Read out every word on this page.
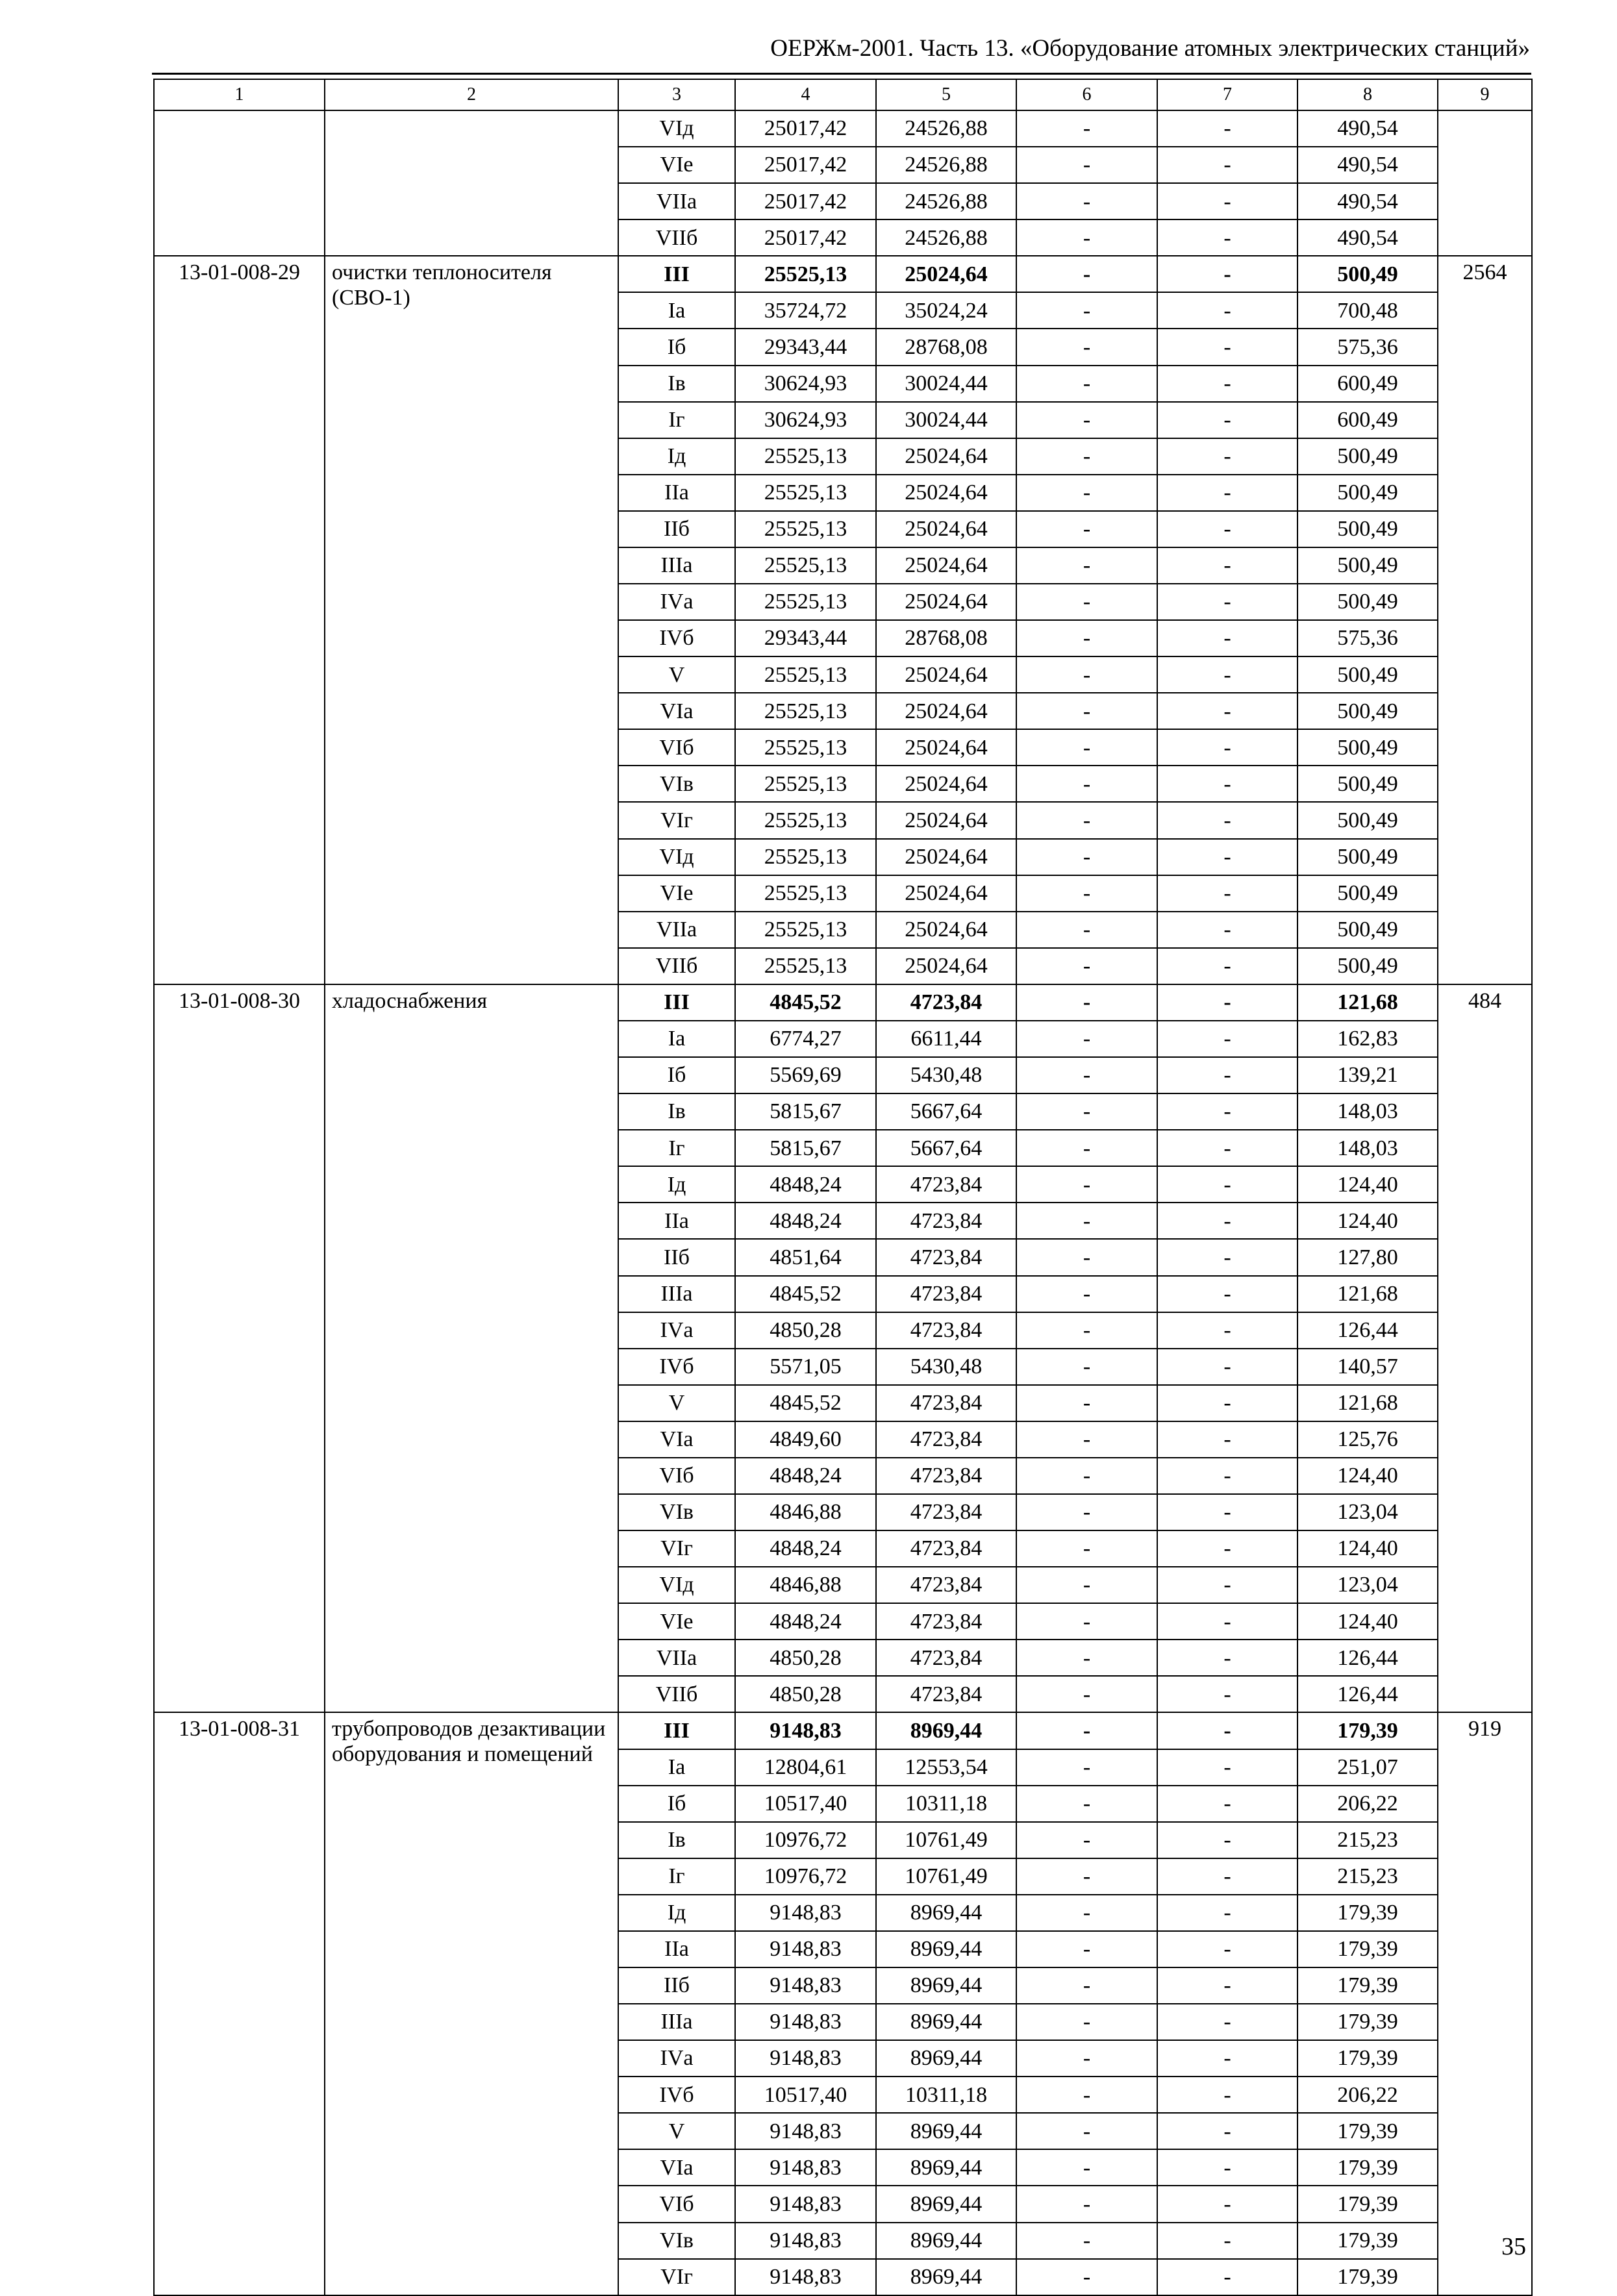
ОЕРЖм-2001. Часть 13. «Оборудование атомных электрических станций»
1	2	3	4	5	6	7	8	9
		VIд	25017,42	24526,88	-	-	490,54	
		VIе	25017,42	24526,88	-	-	490,54	
		VIIа	25017,42	24526,88	-	-	490,54	
		VIIб	25017,42	24526,88	-	-	490,54	
13-01-008-29	очистки теплоносителя (СВО-1)	III	25525,13	25024,64	-	-	500,49	2564
		Iа	35724,72	35024,24	-	-	700,48	
		Iб	29343,44	28768,08	-	-	575,36	
		Iв	30624,93	30024,44	-	-	600,49	
		Iг	30624,93	30024,44	-	-	600,49	
		Iд	25525,13	25024,64	-	-	500,49	
		IIа	25525,13	25024,64	-	-	500,49	
		IIб	25525,13	25024,64	-	-	500,49	
		IIIа	25525,13	25024,64	-	-	500,49	
		IVа	25525,13	25024,64	-	-	500,49	
		IVб	29343,44	28768,08	-	-	575,36	
		V	25525,13	25024,64	-	-	500,49	
		VIа	25525,13	25024,64	-	-	500,49	
		VIб	25525,13	25024,64	-	-	500,49	
		VIв	25525,13	25024,64	-	-	500,49	
		VIг	25525,13	25024,64	-	-	500,49	
		VIд	25525,13	25024,64	-	-	500,49	
		VIе	25525,13	25024,64	-	-	500,49	
		VIIа	25525,13	25024,64	-	-	500,49	
		VIIб	25525,13	25024,64	-	-	500,49	
13-01-008-30	хладоснабжения	III	4845,52	4723,84	-	-	121,68	484
		Iа	6774,27	6611,44	-	-	162,83	
		Iб	5569,69	5430,48	-	-	139,21	
		Iв	5815,67	5667,64	-	-	148,03	
		Iг	5815,67	5667,64	-	-	148,03	
		Iд	4848,24	4723,84	-	-	124,40	
		IIа	4848,24	4723,84	-	-	124,40	
		IIб	4851,64	4723,84	-	-	127,80	
		IIIа	4845,52	4723,84	-	-	121,68	
		IVа	4850,28	4723,84	-	-	126,44	
		IVб	5571,05	5430,48	-	-	140,57	
		V	4845,52	4723,84	-	-	121,68	
		VIа	4849,60	4723,84	-	-	125,76	
		VIб	4848,24	4723,84	-	-	124,40	
		VIв	4846,88	4723,84	-	-	123,04	
		VIг	4848,24	4723,84	-	-	124,40	
		VIд	4846,88	4723,84	-	-	123,04	
		VIе	4848,24	4723,84	-	-	124,40	
		VIIа	4850,28	4723,84	-	-	126,44	
		VIIб	4850,28	4723,84	-	-	126,44	
13-01-008-31	трубопроводов дезактивации оборудования и помещений	III	9148,83	8969,44	-	-	179,39	919
		Iа	12804,61	12553,54	-	-	251,07	
		Iб	10517,40	10311,18	-	-	206,22	
		Iв	10976,72	10761,49	-	-	215,23	
		Iг	10976,72	10761,49	-	-	215,23	
		Iд	9148,83	8969,44	-	-	179,39	
		IIа	9148,83	8969,44	-	-	179,39	
		IIб	9148,83	8969,44	-	-	179,39	
		IIIа	9148,83	8969,44	-	-	179,39	
		IVа	9148,83	8969,44	-	-	179,39	
		IVб	10517,40	10311,18	-	-	206,22	
		V	9148,83	8969,44	-	-	179,39	
		VIа	9148,83	8969,44	-	-	179,39	
		VIб	9148,83	8969,44	-	-	179,39	
		VIв	9148,83	8969,44	-	-	179,39	
		VIг	9148,83	8969,44	-	-	179,39	
35
